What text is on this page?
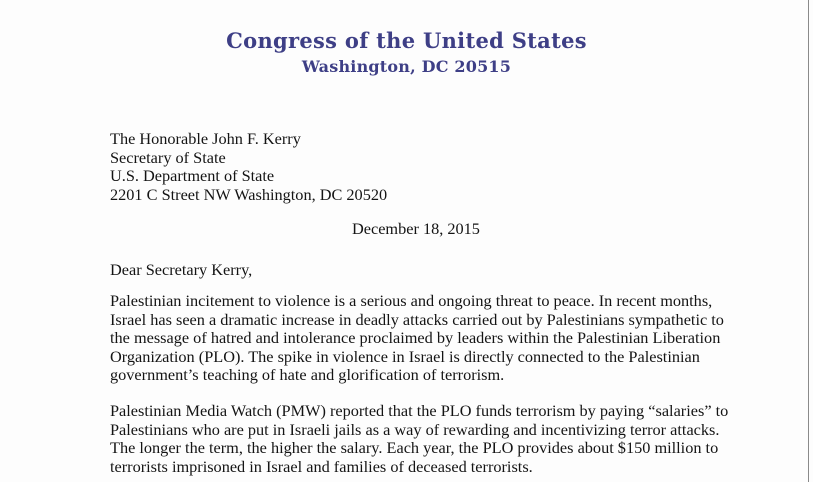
Congress of the United States
Washington, DC 20515
The Honorable John F. Kerry
Secretary of State
U.S. Department of State
2201 C Street NW Washington, DC 20520
December 18, 2015
Dear Secretary Kerry,
Palestinian incitement to violence is a serious and ongoing threat to peace. In recent months,
Israel has seen a dramatic increase in deadly attacks carried out by Palestinians sympathetic to
the message of hatred and intolerance proclaimed by leaders within the Palestinian Liberation
Organization (PLO). The spike in violence in Israel is directly connected to the Palestinian
government’s teaching of hate and glorification of terrorism.
Palestinian Media Watch (PMW) reported that the PLO funds terrorism by paying “salaries” to
Palestinians who are put in Israeli jails as a way of rewarding and incentivizing terror attacks.
The longer the term, the higher the salary. Each year, the PLO provides about $150 million to
terrorists imprisoned in Israel and families of deceased terrorists.
